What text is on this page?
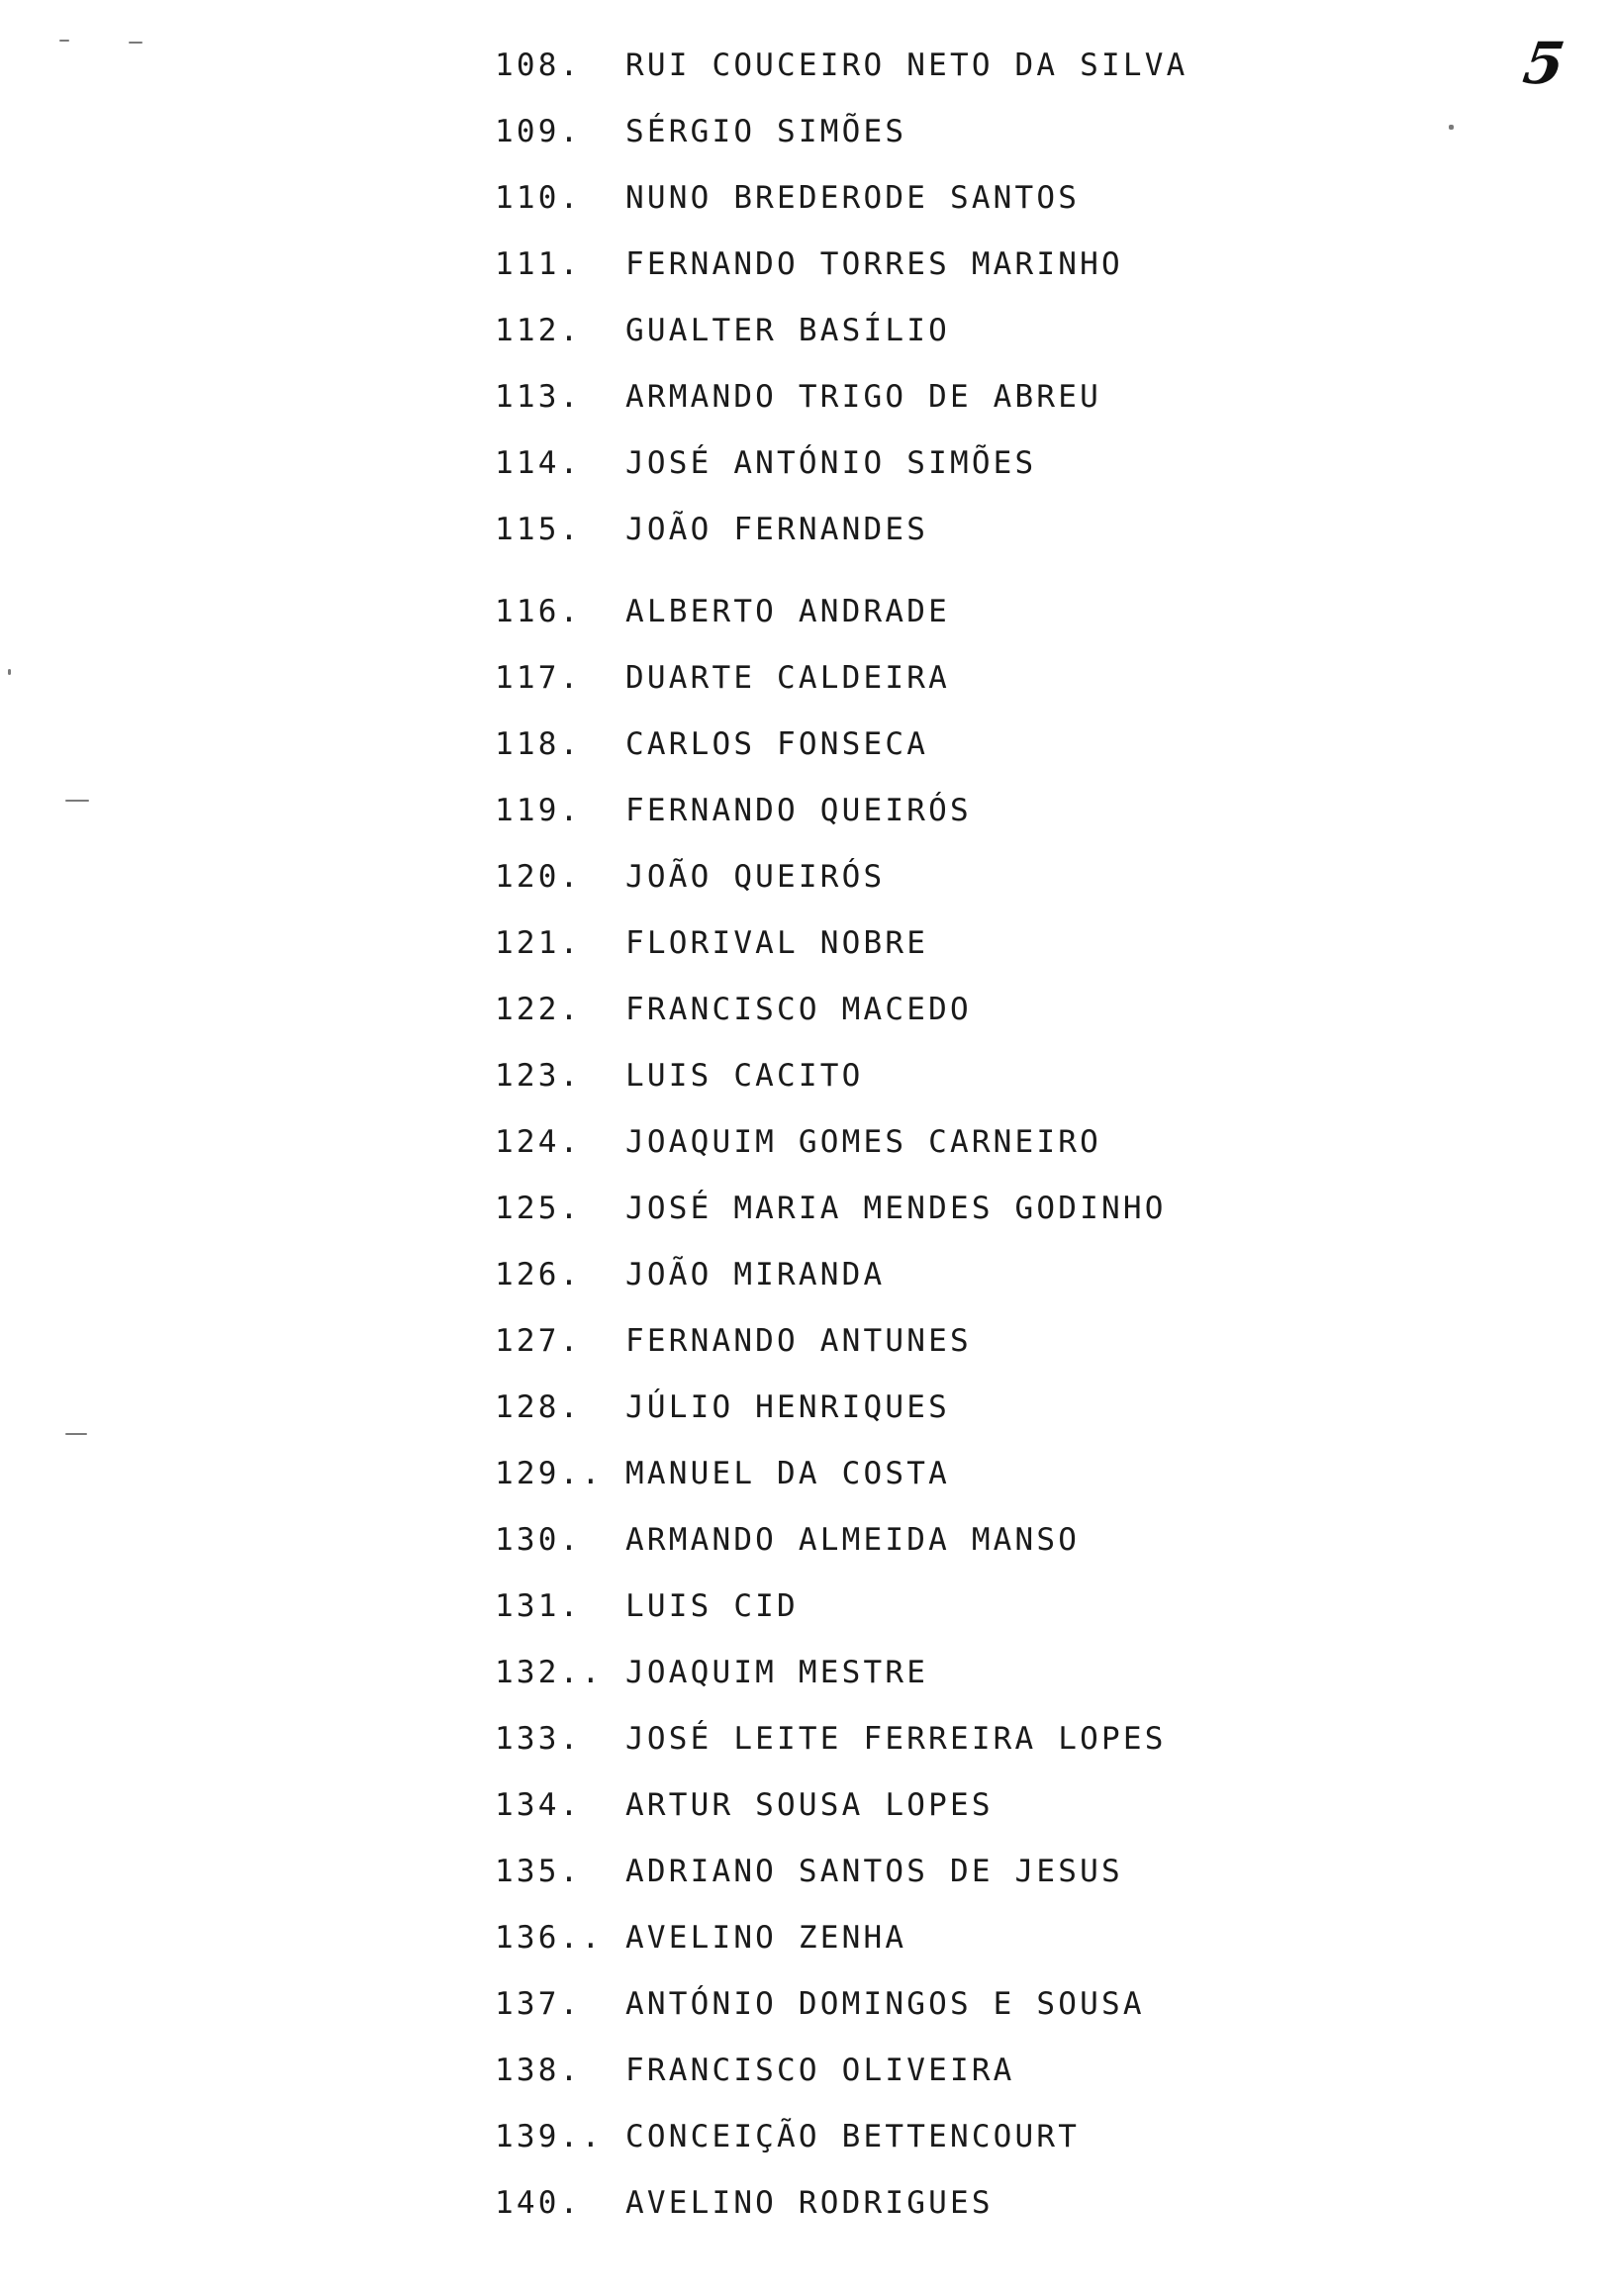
5
108.	RUI COUCEIRO NETO DA SILVA
109.	SÉRGIO SIMÕES
110.	NUNO BREDERODE SANTOS
111.	FERNANDO TORRES MARINHO
112.	GUALTER BASÍLIO
113.	ARMANDO TRIGO DE ABREU
114.	JOSÉ ANTÓNIO SIMÕES
115.	JOÃO FERNANDES
116.	ALBERTO ANDRADE
117.	DUARTE CALDEIRA
118.	CARLOS FONSECA
119.	FERNANDO QUEIRÓS
120.	JOÃO QUEIRÓS
121.	FLORIVAL NOBRE
122.	FRANCISCO MACEDO
123.	LUIS CACITO
124.	JOAQUIM GOMES CARNEIRO
125.	JOSÉ MARIA MENDES GODINHO
126.	JOÃO MIRANDA
127.	FERNANDO ANTUNES
128.	JÚLIO HENRIQUES
129.. MANUEL DA COSTA
130.	ARMANDO ALMEIDA MANSO
131.	LUIS CID
132.. JOAQUIM MESTRE
133.	JOSÉ LEITE FERREIRA LOPES
134.	ARTUR SOUSA LOPES
135.	ADRIANO SANTOS DE JESUS
136.. AVELINO ZENHA
137.	ANTÓNIO DOMINGOS E SOUSA
138.	FRANCISCO OLIVEIRA
139.. CONCEIÇÃO BETTENCOURT
140.	AVELINO RODRIGUES
